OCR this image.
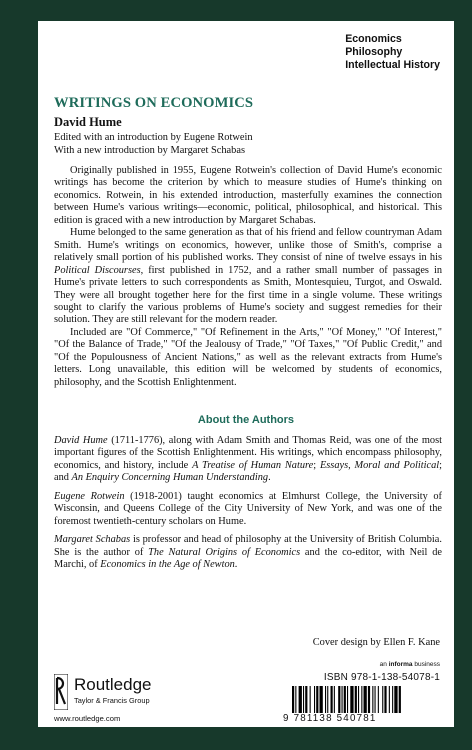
Economics
Philosophy
Intellectual History
WRITINGS ON ECONOMICS
David Hume
Edited with an introduction by Eugene Rotwein
With a new introduction by Margaret Schabas

Originally published in 1955, Eugene Rotwein's collection of David Hume's economic writings has become the criterion by which to measure studies of Hume's thinking on economics. Rotwein, in his extended introduction, masterfully examines the connection between Hume's various writings—economic, political, philosophical, and historical. This edition is graced with a new introduction by Margaret Schabas.

Hume belonged to the same generation as that of his friend and fellow countryman Adam Smith. Hume's writings on economics, however, unlike those of Smith's, comprise a relatively small portion of his published works. They consist of nine of twelve essays in his Political Discourses, first published in 1752, and a rather small number of passages in Hume's private letters to such correspondents as Smith, Montesquieu, Turgot, and Oswald. They were all brought together here for the first time in a single volume. These writings sought to clarify the various problems of Hume's society and suggest remedies for their solution. They are still relevant for the modern reader.

Included are "Of Commerce," "Of Refinement in the Arts," "Of Money," "Of Interest," "Of the Balance of Trade," "Of the Jealousy of Trade," "Of Taxes," "Of Public Credit," and "Of the Populousness of Ancient Nations," as well as the relevant extracts from Hume's letters. Long unavailable, this edition will be welcomed by students of economics, philosophy, and the Scottish Enlightenment.

About the Authors

David Hume (1711-1776), along with Adam Smith and Thomas Reid, was one of the most important figures of the Scottish Enlightenment. His writings, which encompass philosophy, economics, and history, include A Treatise of Human Nature; Essays, Moral and Political; and An Enquiry Concerning Human Understanding.

Eugene Rotwein (1918-2001) taught economics at Elmhurst College, the University of Wisconsin, and Queens College of the City University of New York, and was one of the foremost twentieth-century scholars on Hume.

Margaret Schabas is professor and head of philosophy at the University of British Columbia. She is the author of The Natural Origins of Economics and the co-editor, with Neil de Marchi, of Economics in the Age of Newton.

Cover design by Ellen F. Kane
an informa business
ISBN 978-1-138-54078-1
9 781138 540781
Routledge
Taylor & Francis Group
www.routledge.com
